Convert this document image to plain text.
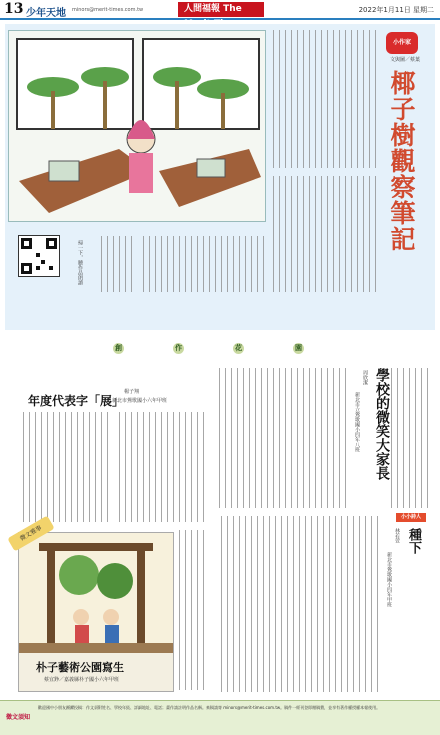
13 少年天地 minors@merit-times.com.tw	人間福報 The	2022年1月11日 星期二
掃一下，聽作品朗讀
小作家
文與圖／蔡葉
椰子樹觀察筆記
創	作	花	園
年度代表字「展」
楊子翔
新北市鶯歌國小六年甲班	學校的微笑大家長
周欣潔
新北市立鶯歌國小四年八班
小小詩人
種下
林若萱
新北市鶯歌國小四年甲班
微文雅事
朴子藝術公園寫生
蔡宜錚／嘉義縣朴子國小六年甲班
徵文須知
歡迎國中小朋友踴躍投稿：作文須附姓名、學校年級、詳細地址、電話；畫作請註明作品名稱。來稿請寄 minors@merit-times.com.tw。稿件一經刊登即贈稿費，並享有著作權授權本報使用。
